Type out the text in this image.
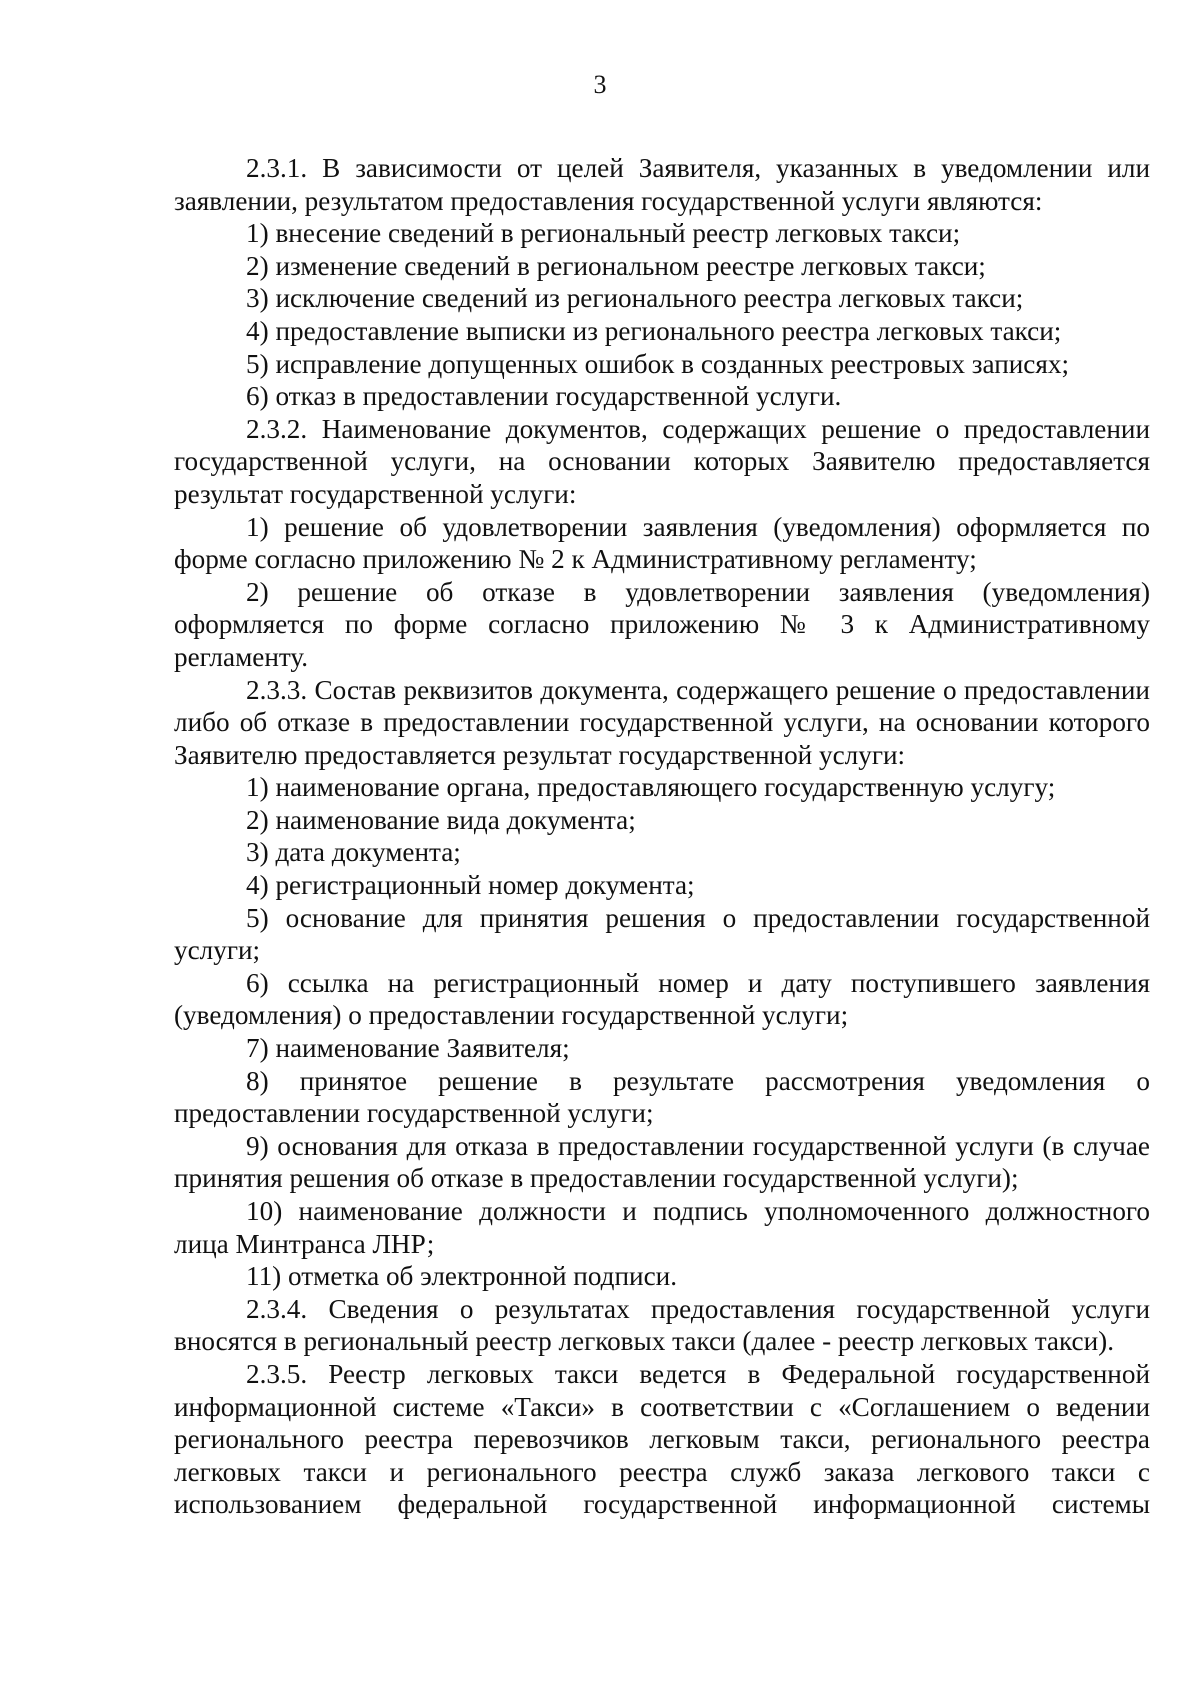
3

2.3.1. В зависимости от целей Заявителя, указанных в уведомлении или заявлении, результатом предоставления государственной услуги являются:

1) внесение сведений в региональный реестр легковых такси;

2) изменение сведений в региональном реестре легковых такси;

3) исключение сведений из регионального реестра легковых такси;

4) предоставление выписки из регионального реестра легковых такси;

5) исправление допущенных ошибок в созданных реестровых записях;

6) отказ в предоставлении государственной услуги.

2.3.2. Наименование документов, содержащих решение о предоставлении государственной услуги, на основании которых Заявителю предоставляется результат государственной услуги:

1) решение об удовлетворении заявления (уведомления) оформляется по форме согласно приложению № 2 к Административному регламенту;

2) решение об отказе в удовлетворении заявления (уведомления) оформляется по форме согласно приложению № 3 к Административному регламенту.

2.3.3. Состав реквизитов документа, содержащего решение о предоставлении либо об отказе в предоставлении государственной услуги, на основании которого Заявителю предоставляется результат государственной услуги:

1) наименование органа, предоставляющего государственную услугу;

2) наименование вида документа;

3) дата документа;

4) регистрационный номер документа;

5) основание для принятия решения о предоставлении государственной услуги;

6) ссылка на регистрационный номер и дату поступившего заявления (уведомления) о предоставлении государственной услуги;

7) наименование Заявителя;

8) принятое решение в результате рассмотрения уведомления о предоставлении государственной услуги;

9) основания для отказа в предоставлении государственной услуги (в случае принятия решения об отказе в предоставлении государственной услуги);

10) наименование должности и подпись уполномоченного должностного лица Минтранса ЛНР;

11) отметка об электронной подписи.

2.3.4. Сведения о результатах предоставления государственной услуги вносятся в региональный реестр легковых такси (далее - реестр легковых такси).

2.3.5. Реестр легковых такси ведется в Федеральной государственной информационной системе «Такси» в соответствии с «Соглашением о ведении регионального реестра перевозчиков легковым такси, регионального реестра легковых такси и регионального реестра служб заказа легкового такси с использованием федеральной государственной информационной системы
